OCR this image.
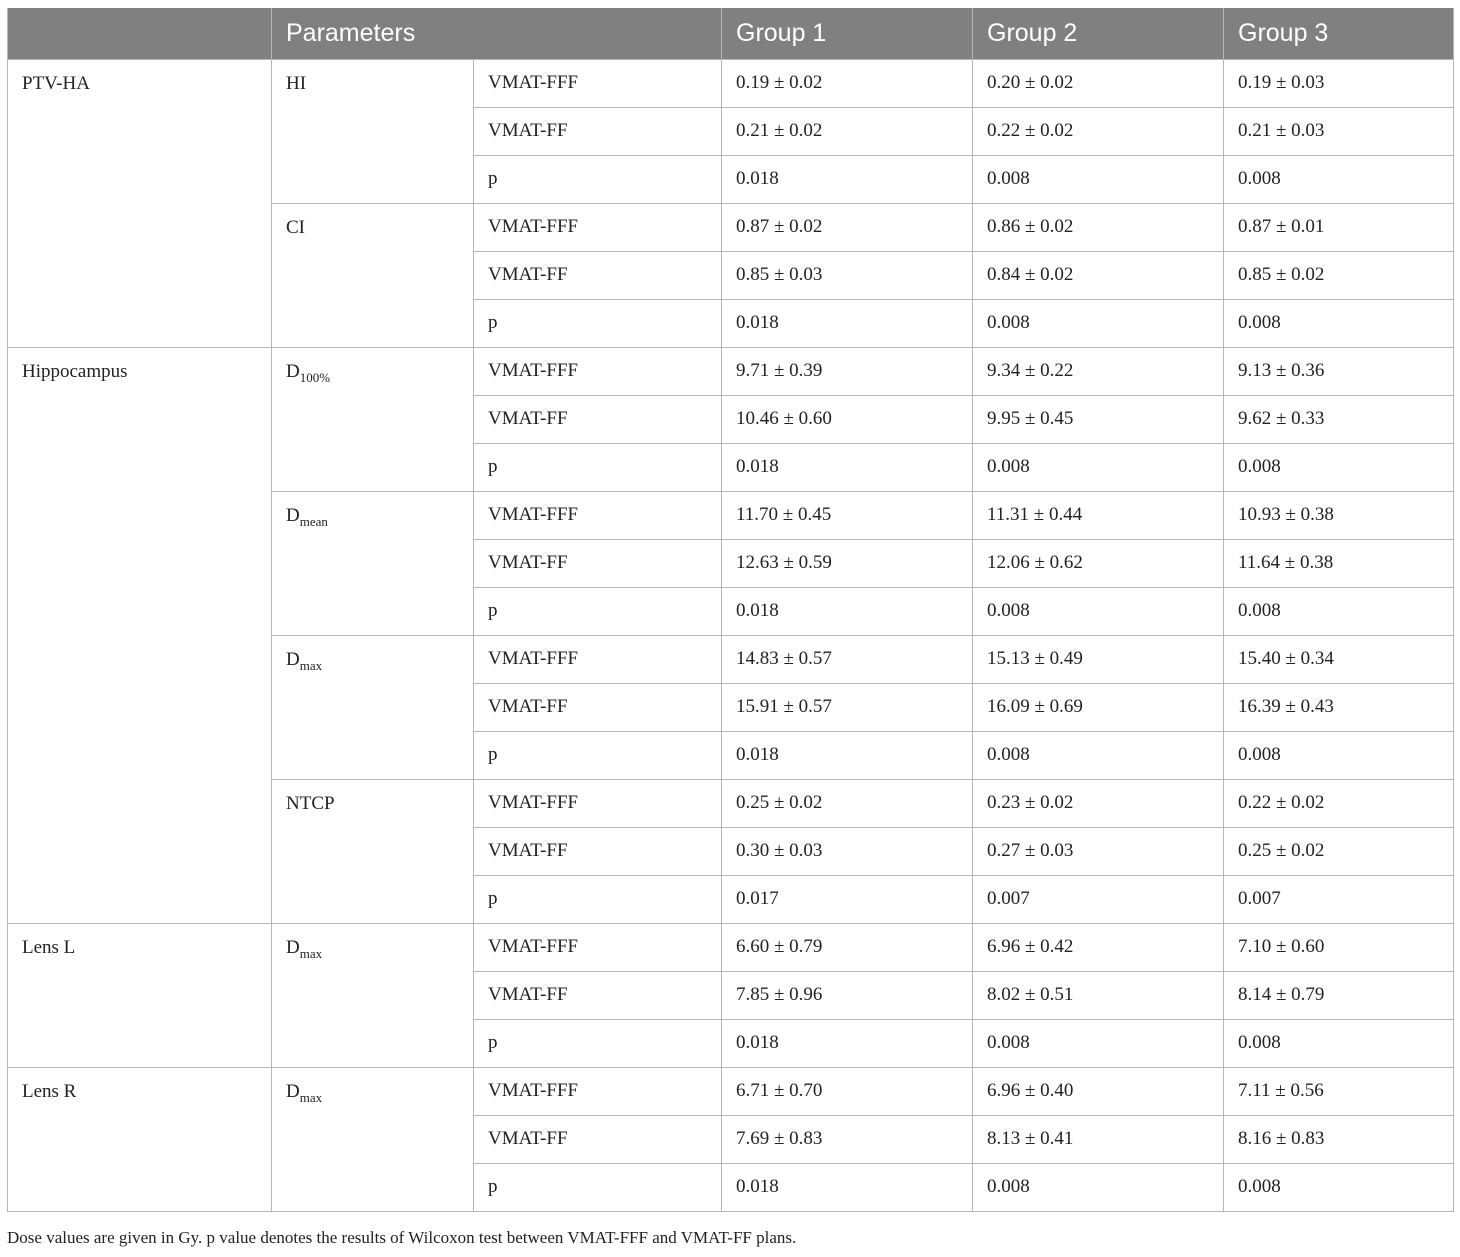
	Parameters		Group 1	Group 2	Group 3
PTV-HA	HI	VMAT-FFF	0.19 ± 0.02	0.20 ± 0.02	0.19 ± 0.03
		VMAT-FF	0.21 ± 0.02	0.22 ± 0.02	0.21 ± 0.03
		p	0.018	0.008	0.008
	CI	VMAT-FFF	0.87 ± 0.02	0.86 ± 0.02	0.87 ± 0.01
		VMAT-FF	0.85 ± 0.03	0.84 ± 0.02	0.85 ± 0.02
		p	0.018	0.008	0.008
Hippocampus	$D_{100\%}$	VMAT-FFF	9.71 ± 0.39	9.34 ± 0.22	9.13 ± 0.36
		VMAT-FF	10.46 ± 0.60	9.95 ± 0.45	9.62 ± 0.33
		p	0.018	0.008	0.008
	$D_{mean}$	VMAT-FFF	11.70 ± 0.45	11.31 ± 0.44	10.93 ± 0.38
		VMAT-FF	12.63 ± 0.59	12.06 ± 0.62	11.64 ± 0.38
		p	0.018	0.008	0.008
	$D_{max}$	VMAT-FFF	14.83 ± 0.57	15.13 ± 0.49	15.40 ± 0.34
		VMAT-FF	15.91 ± 0.57	16.09 ± 0.69	16.39 ± 0.43
		p	0.018	0.008	0.008
	NTCP	VMAT-FFF	0.25 ± 0.02	0.23 ± 0.02	0.22 ± 0.02
		VMAT-FF	0.30 ± 0.03	0.27 ± 0.03	0.25 ± 0.02
		p	0.017	0.007	0.007
Lens L	$D_{max}$	VMAT-FFF	6.60 ± 0.79	6.96 ± 0.42	7.10 ± 0.60
		VMAT-FF	7.85 ± 0.96	8.02 ± 0.51	8.14 ± 0.79
		p	0.018	0.008	0.008
Lens R	$D_{max}$	VMAT-FFF	6.71 ± 0.70	6.96 ± 0.40	7.11 ± 0.56
		VMAT-FF	7.69 ± 0.83	8.13 ± 0.41	8.16 ± 0.83
		p	0.018	0.008	0.008
Dose values are given in Gy. p value denotes the results of Wilcoxon test between VMAT-FFF and VMAT-FF plans.
